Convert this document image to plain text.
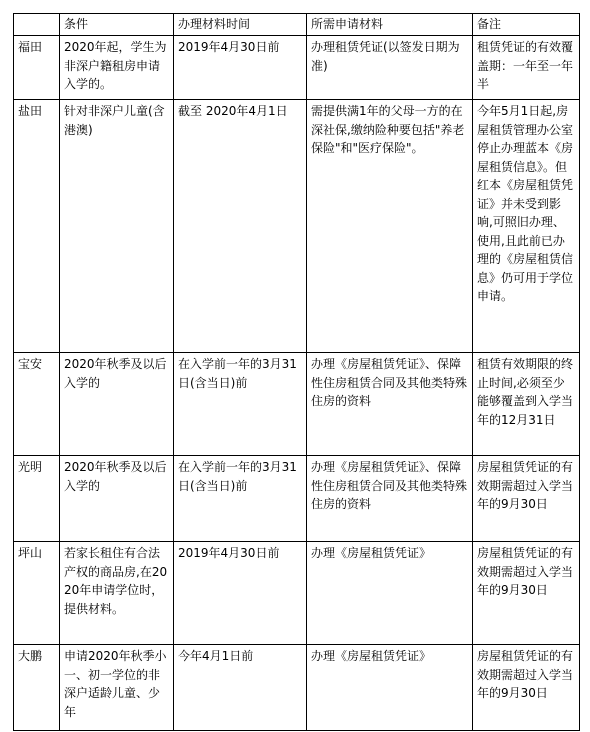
	条件	办理材料时间	所需申请材料	备注
福田	2020年起，学生为非深户籍租房申请入学的。	2019年4月30日前	办理租赁凭证(以签发日期为准)	租赁凭证的有效覆盖期：一年至一年半
盐田	针对非深户儿童(含港澳)	截至 2020年4月1日	需提供满1年的父母一方的在深社保,缴纳险种要包括"养老保险"和"医疗保险"。	今年5月1日起,房屋租赁管理办公室停止办理蓝本《房屋租赁信息》。但红本《房屋租赁凭证》并未受到影响,可照旧办理、使用,且此前已办理的《房屋租赁信息》仍可用于学位申请。
宝安	2020年秋季及以后入学的	在入学前一年的3月31日(含当日)前	办理《房屋租赁凭证》、保障性住房租赁合同及其他类特殊住房的资料	租赁有效期限的终止时间,必须至少能够覆盖到入学当年的12月31日
光明	2020年秋季及以后入学的	在入学前一年的3月31日(含当日)前	办理《房屋租赁凭证》、保障性住房租赁合同及其他类特殊住房的资料	房屋租赁凭证的有效期需超过入学当年的9月30日
坪山	若家长租住有合法产权的商品房,在2020年申请学位时，提供材料。	2019年4月30日前	办理《房屋租赁凭证》	房屋租赁凭证的有效期需超过入学当年的9月30日
大鹏	申请2020年秋季小一、初一学位的非深户适龄儿童、少年	今年4月1日前	办理《房屋租赁凭证》	房屋租赁凭证的有效期需超过入学当年的9月30日
